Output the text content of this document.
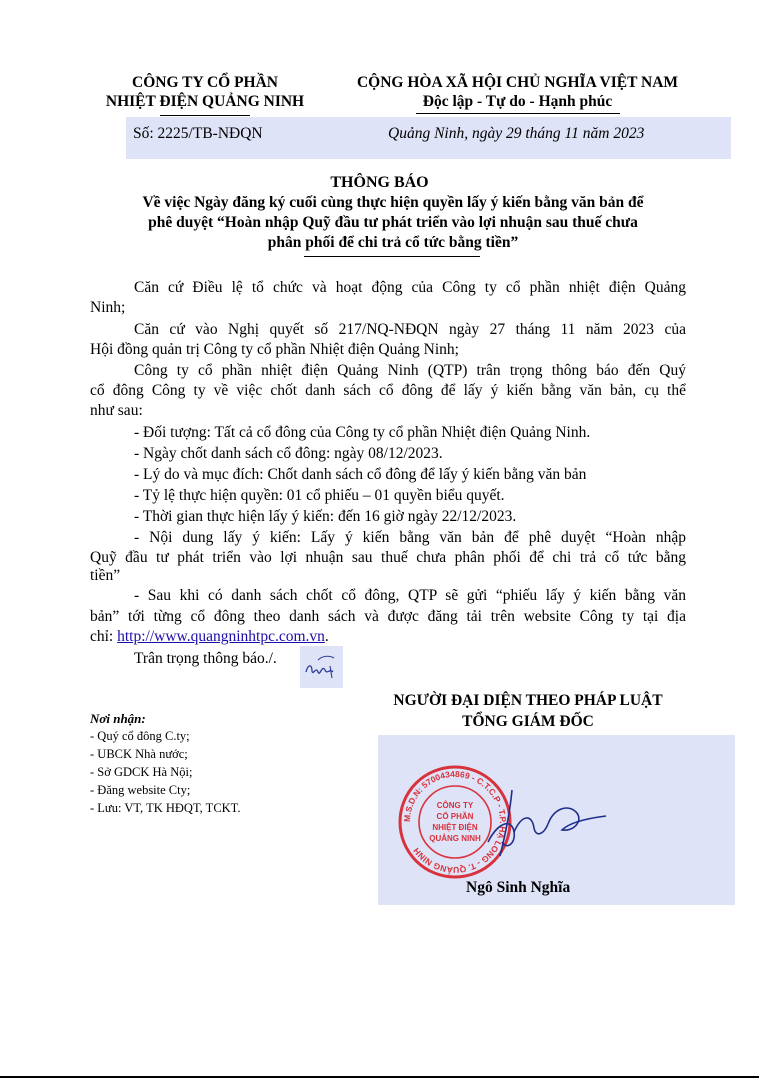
CÔNG TY CỔ PHẦN
NHIỆT ĐIỆN QUẢNG NINH
CỘNG HÒA XÃ HỘI CHỦ NGHĨA VIỆT NAM
Độc lập - Tự do - Hạnh phúc
Số: 2225/TB-NĐQN	Quảng Ninh, ngày 29 tháng 11 năm 2023
THÔNG BÁO
Về việc Ngày đăng ký cuối cùng thực hiện quyền lấy ý kiến bằng văn bản để
phê duyệt “Hoàn nhập Quỹ đầu tư phát triển vào lợi nhuận sau thuế chưa
phân phối để chi trả cổ tức bằng tiền”
Căn cứ Điều lệ tổ chức và hoạt động của Công ty cổ phần nhiệt điện Quảng
Ninh;
Căn cứ vào Nghị quyết số 217/NQ-NĐQN ngày 27 tháng 11 năm 2023 của
Hội đồng quản trị Công ty cổ phần Nhiệt điện Quảng Ninh;
Công ty cổ phần nhiệt điện Quảng Ninh (QTP) trân trọng thông báo đến Quý
cổ đông Công ty về việc chốt danh sách cổ đông để lấy ý kiến bằng văn bản, cụ thể
như sau:
- Đối tượng: Tất cả cổ đông của Công ty cổ phần Nhiệt điện Quảng Ninh.
- Ngày chốt danh sách cổ đông: ngày 08/12/2023.
- Lý do và mục đích: Chốt danh sách cổ đông để lấy ý kiến bằng văn bản
- Tỷ lệ thực hiện quyền: 01 cổ phiếu – 01 quyền biểu quyết.
- Thời gian thực hiện lấy ý kiến: đến 16 giờ ngày 22/12/2023.
- Nội dung lấy ý kiến: Lấy ý kiến bằng văn bản để phê duyệt “Hoàn nhập
Quỹ đầu tư phát triển vào lợi nhuận sau thuế chưa phân phối để chi trả cổ tức bằng
tiền”
- Sau khi có danh sách chốt cổ đông, QTP sẽ gửi “phiếu lấy ý kiến bằng văn
bản” tới từng cổ đông theo danh sách và được đăng tải trên website Công ty tại địa
chỉ: http://www.quangninhtpc.com.vn.
Trân trọng thông báo./.
NGƯỜI ĐẠI DIỆN THEO PHÁP LUẬT
TỔNG GIÁM ĐỐC
M.S.D.N: 5700434869 - C.T.C.P - T.P. HẠ LONG - T. QUẢNG NINH
CÔNG TY
CỔ PHẦN
NHIỆT ĐIỆN
QUẢNG NINH
Ngô Sinh Nghĩa
Nơi nhận:
- Quý cổ đông C.ty;
- UBCK Nhà nước;
- Sở GDCK Hà Nội;
- Đăng website Cty;
- Lưu: VT, TK HĐQT, TCKT.
